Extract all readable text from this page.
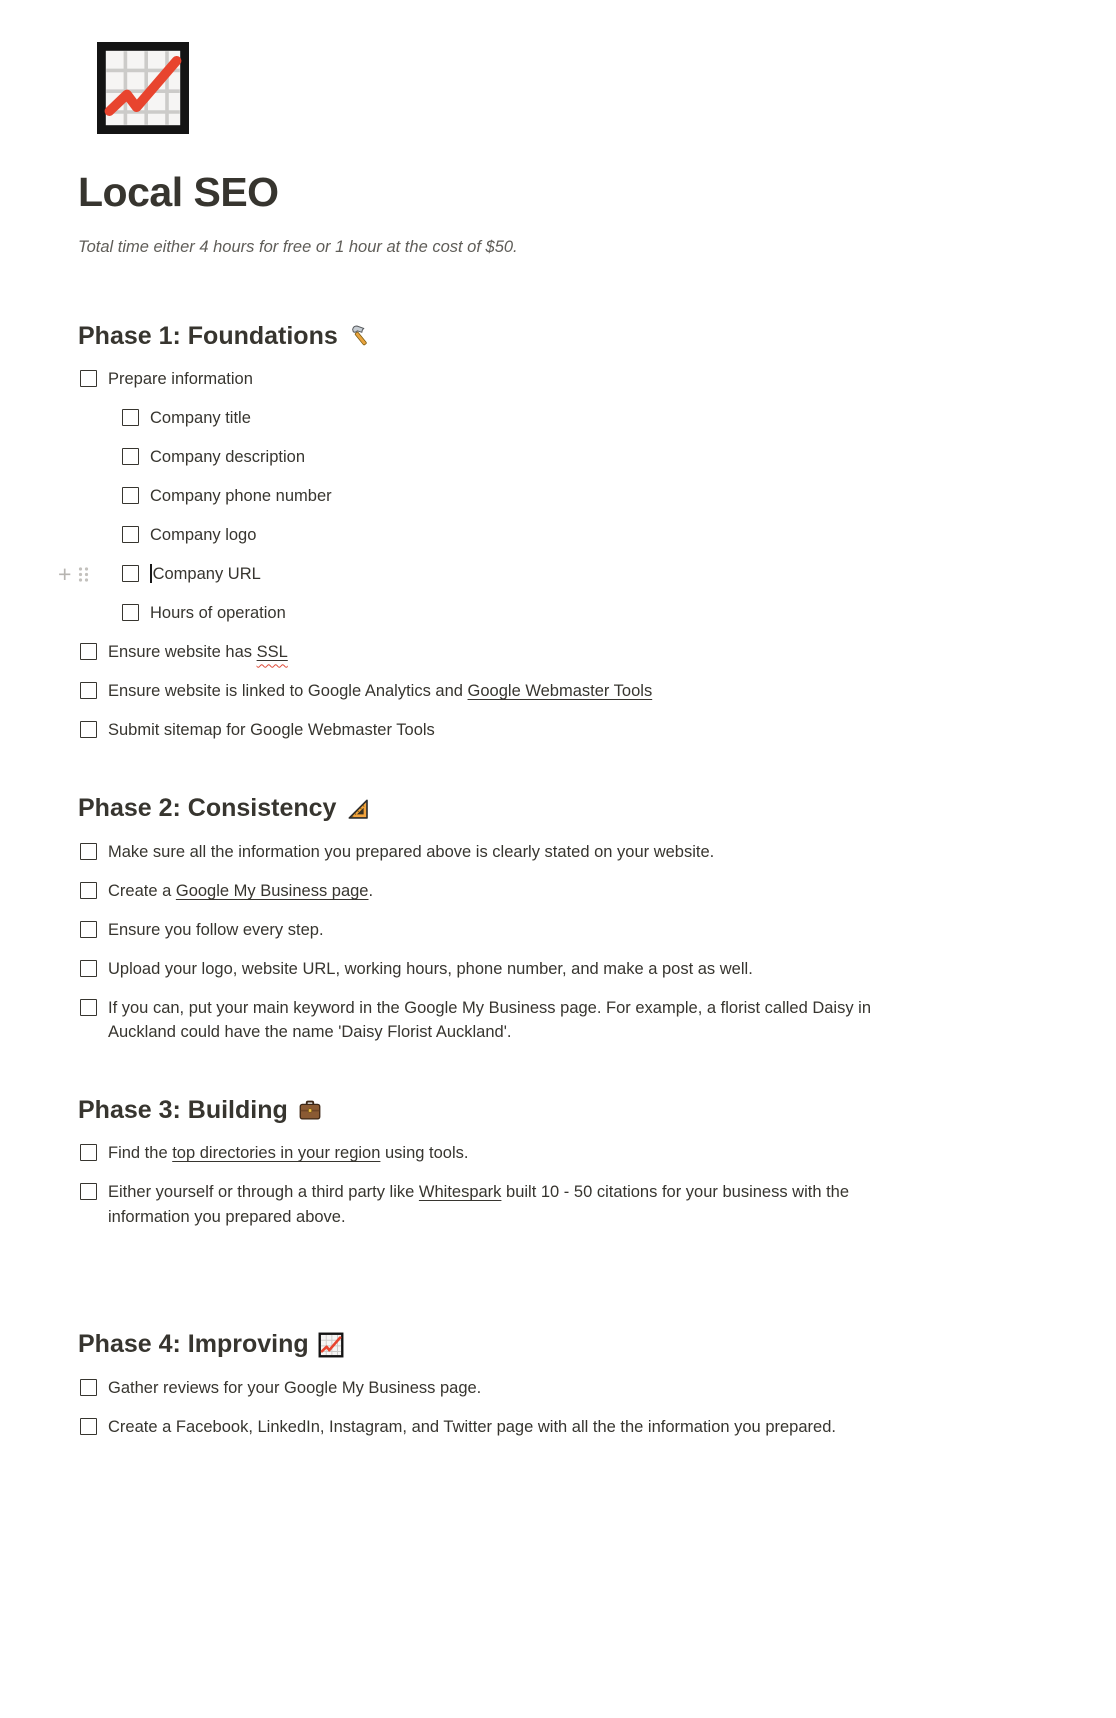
Local SEO

Total time either 4 hours for free or 1 hour at the cost of $50.

Phase 1: Foundations
Prepare information
Company title
Company description
Company phone number
Company logo
+	Company URL
Hours of operation
Ensure website has SSL
Ensure website is linked to Google Analytics and Google Webmaster Tools
Submit sitemap for Google Webmaster Tools
Phase 2: Consistency
Make sure all the information you prepared above is clearly stated on your website.
Create a Google My Business page.
Ensure you follow every step.
Upload your logo, website URL, working hours, phone number, and make a post as well.
If you can, put your main keyword in the Google My Business page. For example, a florist called Daisy in Auckland could have the name 'Daisy Florist Auckland'.
Phase 3: Building
Find the top directories in your region using tools.
Either yourself or through a third party like Whitespark built 10 - 50 citations for your business with the information you prepared above.
Phase 4: Improving
Gather reviews for your Google My Business page.
Create a Facebook, LinkedIn, Instagram, and Twitter page with all the the information you prepared.
